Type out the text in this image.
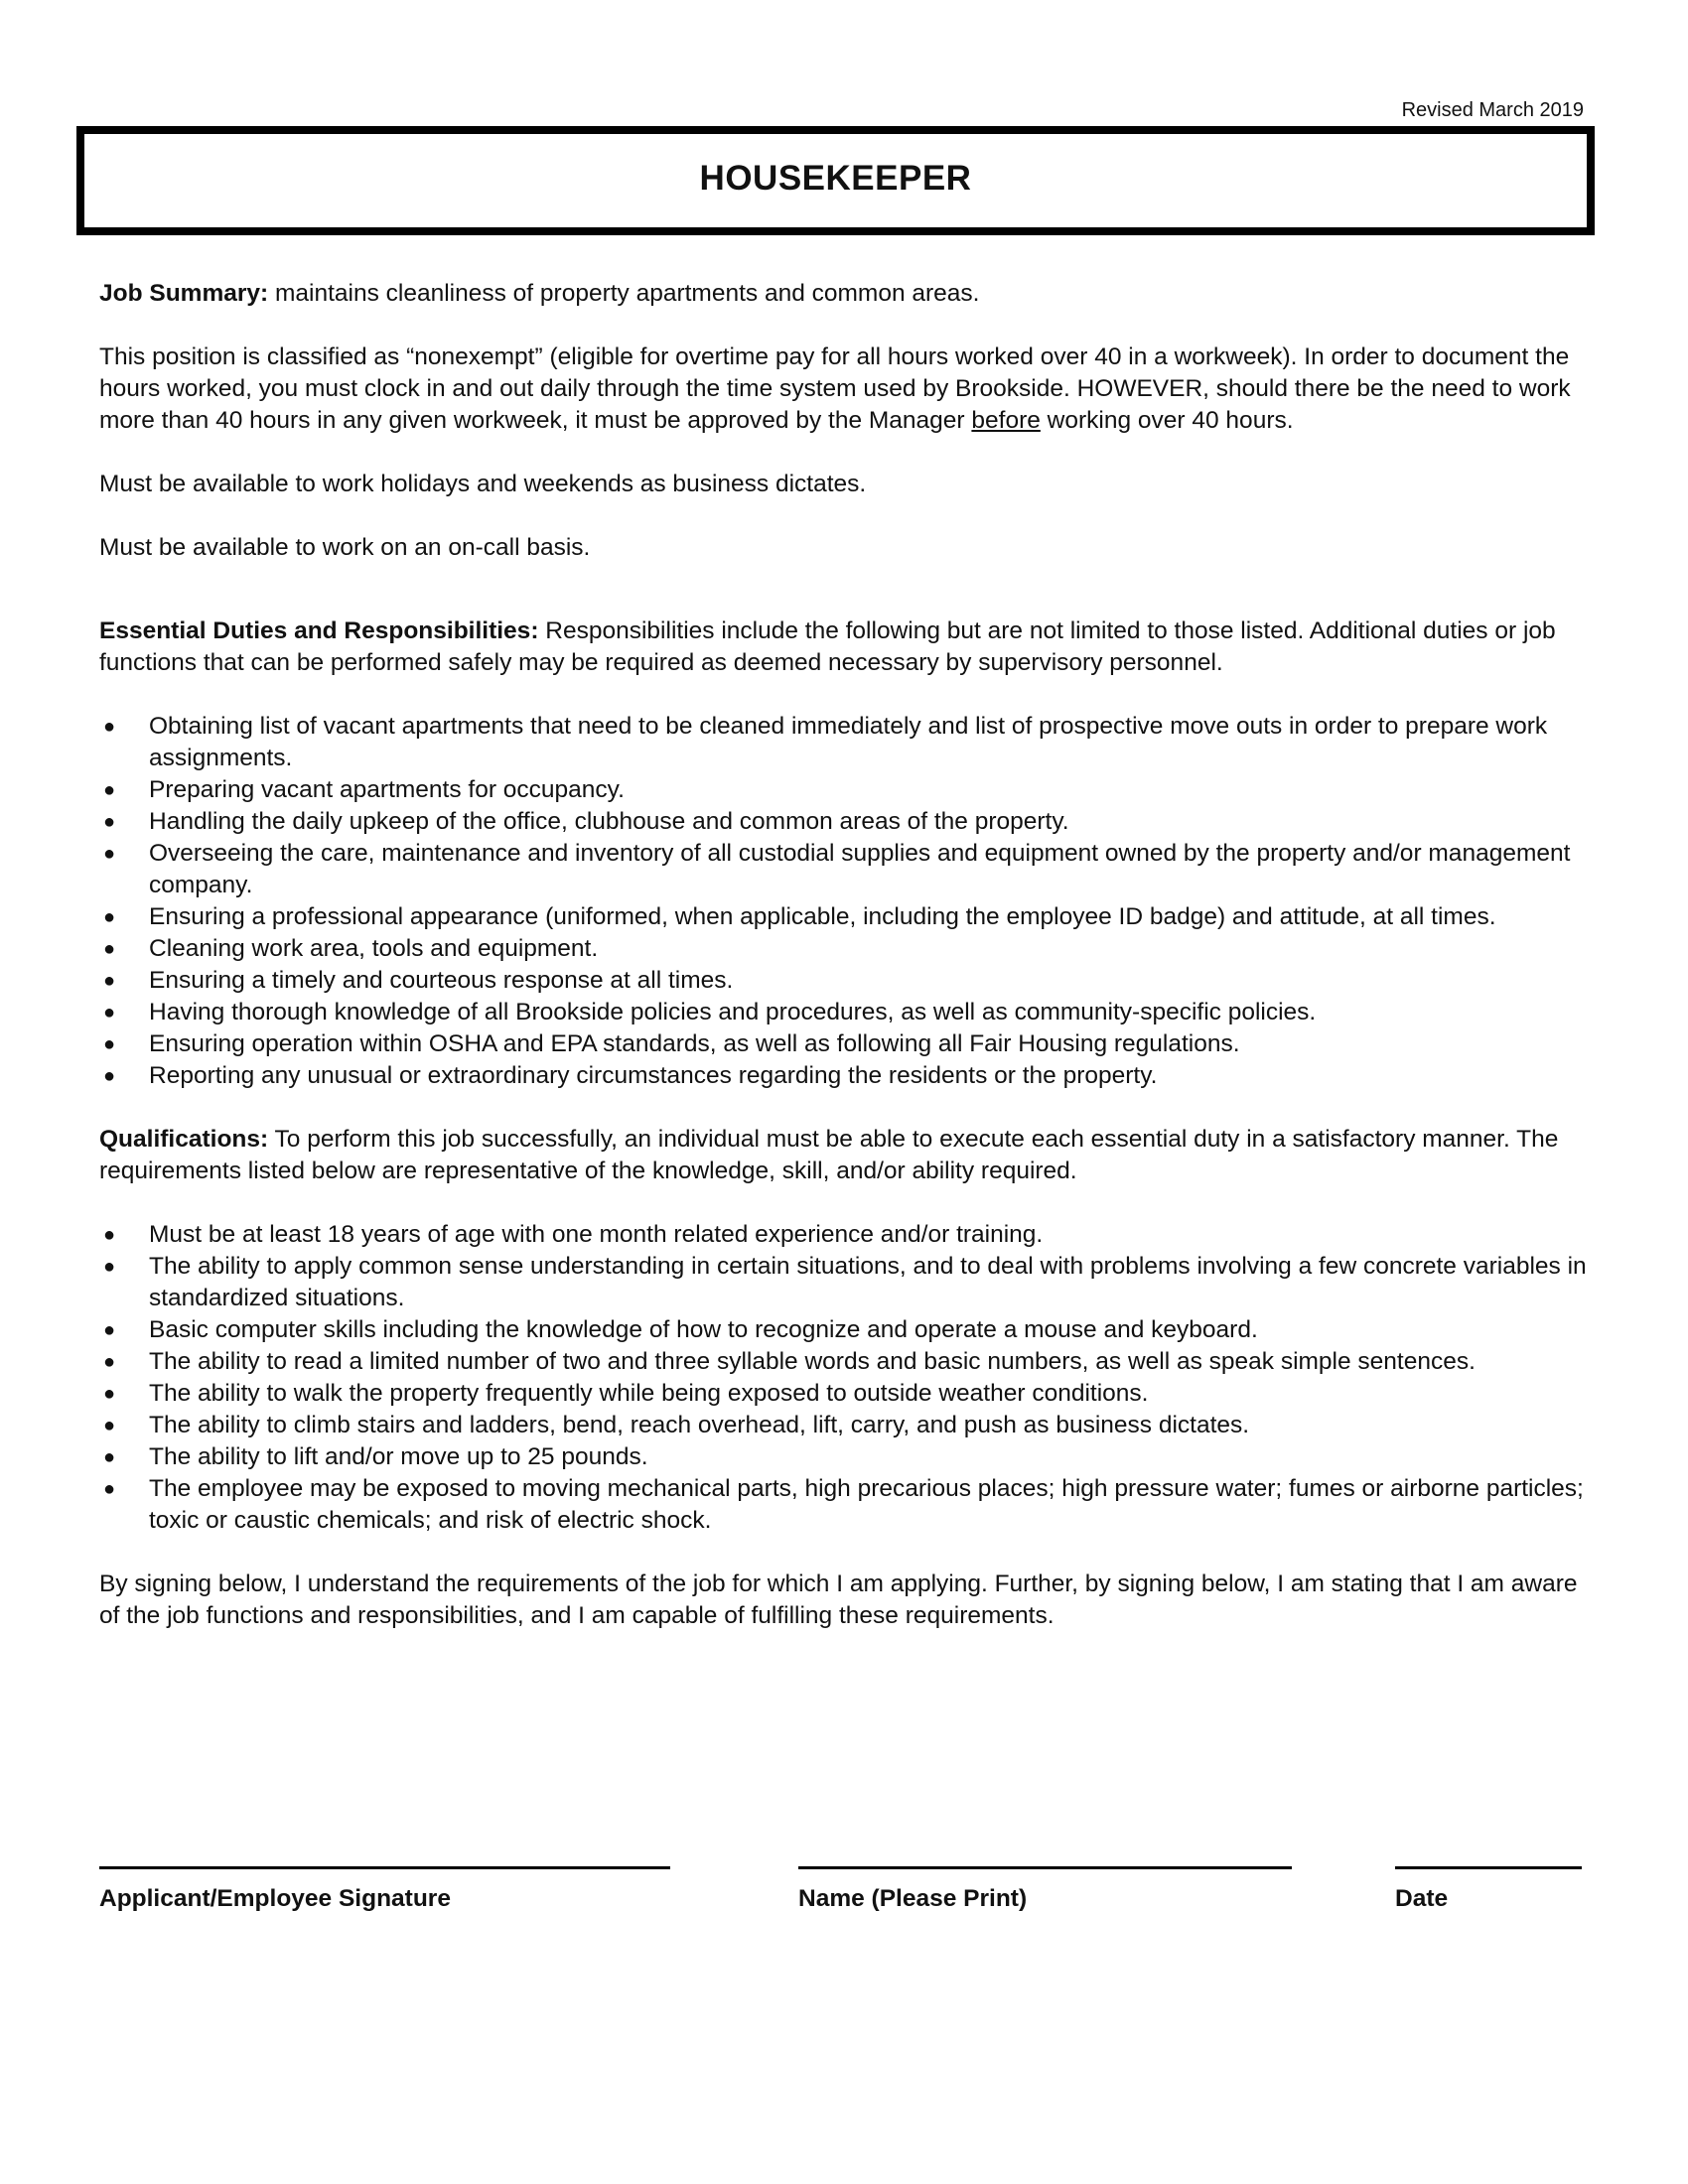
Revised March 2019
HOUSEKEEPER

Job Summary: maintains cleanliness of property apartments and common areas.

This position is classified as “nonexempt” (eligible for overtime pay for all hours worked over 40 in a workweek). In order to document the hours worked, you must clock in and out daily through the time system used by Brookside. HOWEVER, should there be the need to work more than 40 hours in any given workweek, it must be approved by the Manager before working over 40 hours.

Must be available to work holidays and weekends as business dictates.

Must be available to work on an on-call basis.

Essential Duties and Responsibilities: Responsibilities include the following but are not limited to those listed. Additional duties or job functions that can be performed safely may be required as deemed necessary by supervisory personnel.

● Obtaining list of vacant apartments that need to be cleaned immediately and list of prospective move outs in order to prepare work assignments.
● Preparing vacant apartments for occupancy.
● Handling the daily upkeep of the office, clubhouse and common areas of the property.
● Overseeing the care, maintenance and inventory of all custodial supplies and equipment owned by the property and/or management company.
● Ensuring a professional appearance (uniformed, when applicable, including the employee ID badge) and attitude, at all times.
● Cleaning work area, tools and equipment.
● Ensuring a timely and courteous response at all times.
● Having thorough knowledge of all Brookside policies and procedures, as well as community-specific policies.
● Ensuring operation within OSHA and EPA standards, as well as following all Fair Housing regulations.
● Reporting any unusual or extraordinary circumstances regarding the residents or the property.

Qualifications: To perform this job successfully, an individual must be able to execute each essential duty in a satisfactory manner. The requirements listed below are representative of the knowledge, skill, and/or ability required.

● Must be at least 18 years of age with one month related experience and/or training.
● The ability to apply common sense understanding in certain situations, and to deal with problems involving a few concrete variables in standardized situations.
● Basic computer skills including the knowledge of how to recognize and operate a mouse and keyboard.
● The ability to read a limited number of two and three syllable words and basic numbers, as well as speak simple sentences.
● The ability to walk the property frequently while being exposed to outside weather conditions.
● The ability to climb stairs and ladders, bend, reach overhead, lift, carry, and push as business dictates.
● The ability to lift and/or move up to 25 pounds.
● The employee may be exposed to moving mechanical parts, high precarious places; high pressure water; fumes or airborne particles; toxic or caustic chemicals; and risk of electric shock.

By signing below, I understand the requirements of the job for which I am applying. Further, by signing below, I am stating that I am aware of the job functions and responsibilities, and I am capable of fulfilling these requirements.

Applicant/Employee Signature	Name (Please Print)	Date
